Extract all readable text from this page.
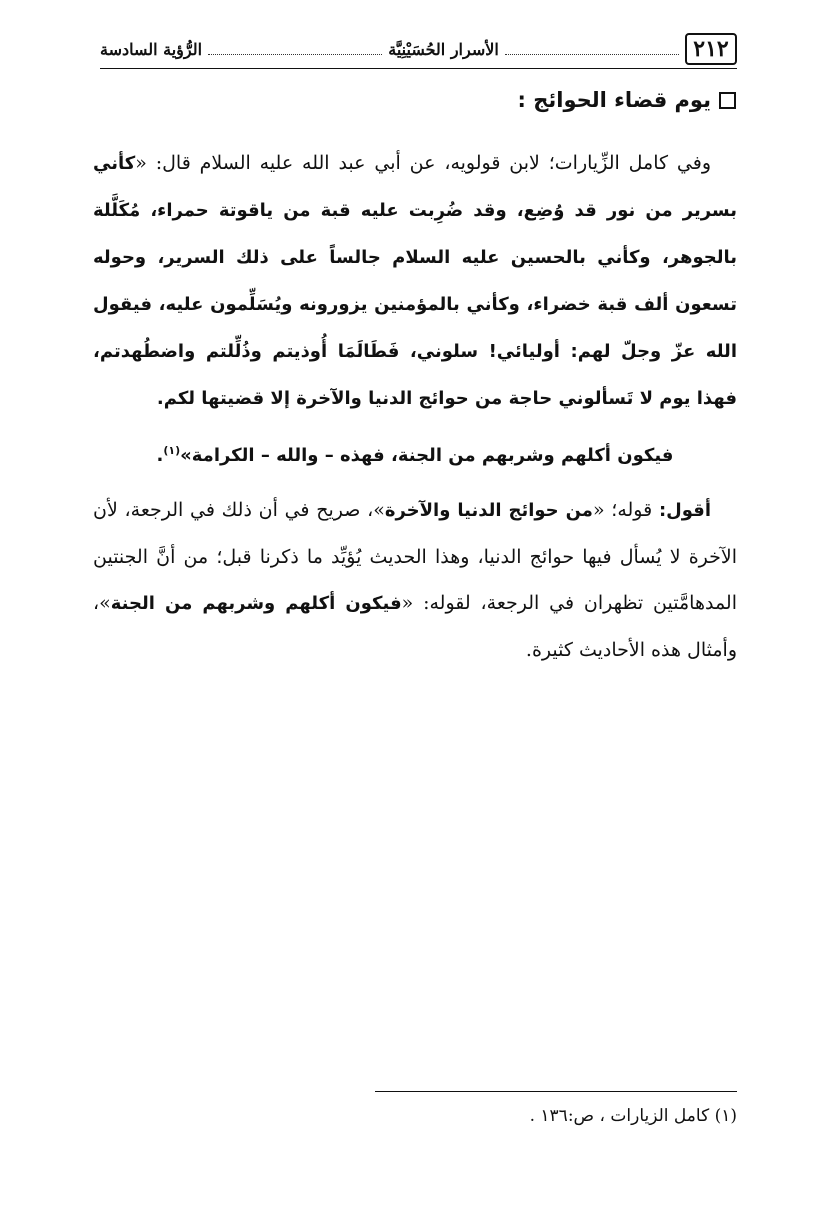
٢١٢
الأسرار الحُسَيْنِيَّة
الرُّؤية السادسة
يوم قضاء الحوائج :

وفي كامل الزِّيارات؛ لابن قولويه، عن أبي عبد الله عليه السلام قال: «كأني بسرير من نور قد وُضِع، وقد ضُرِبت عليه قبة من ياقوتة حمراء، مُكَلَّلة بالجوهر، وكأني بالحسين عليه السلام جالساً على ذلك السرير، وحوله تسعون ألف قبة خضراء، وكأني بالمؤمنين يزورونه ويُسَلِّمون عليه، فيقول الله عزّ وجلّ لهم: أوليائي! سلوني، فَطَالَمَا أُوذيتم وذُلِّلتم واضطُهدتم، فهذا يوم لا تَسألوني حاجة من حوائج الدنيا والآخرة إلا قضيتها لكم.

فيكون أكلهم وشربهم من الجنة، فهذه – والله – الكرامة»$^{(١)}$.

أقول: قوله؛ «من حوائج الدنيا والآخرة»، صريح في أن ذلك في الرجعة، لأن الآخرة لا يُسأل فيها حوائج الدنيا، وهذا الحديث يُؤيِّد ما ذكرنا قبل؛ من أنَّ الجنتين المدهامَّتين تظهران في الرجعة، لقوله: «فيكون أكلهم وشربهم من الجنة»، وأمثال هذه الأحاديث كثيرة.

(١) كامل الزيارات ، ص:١٣٦ .
